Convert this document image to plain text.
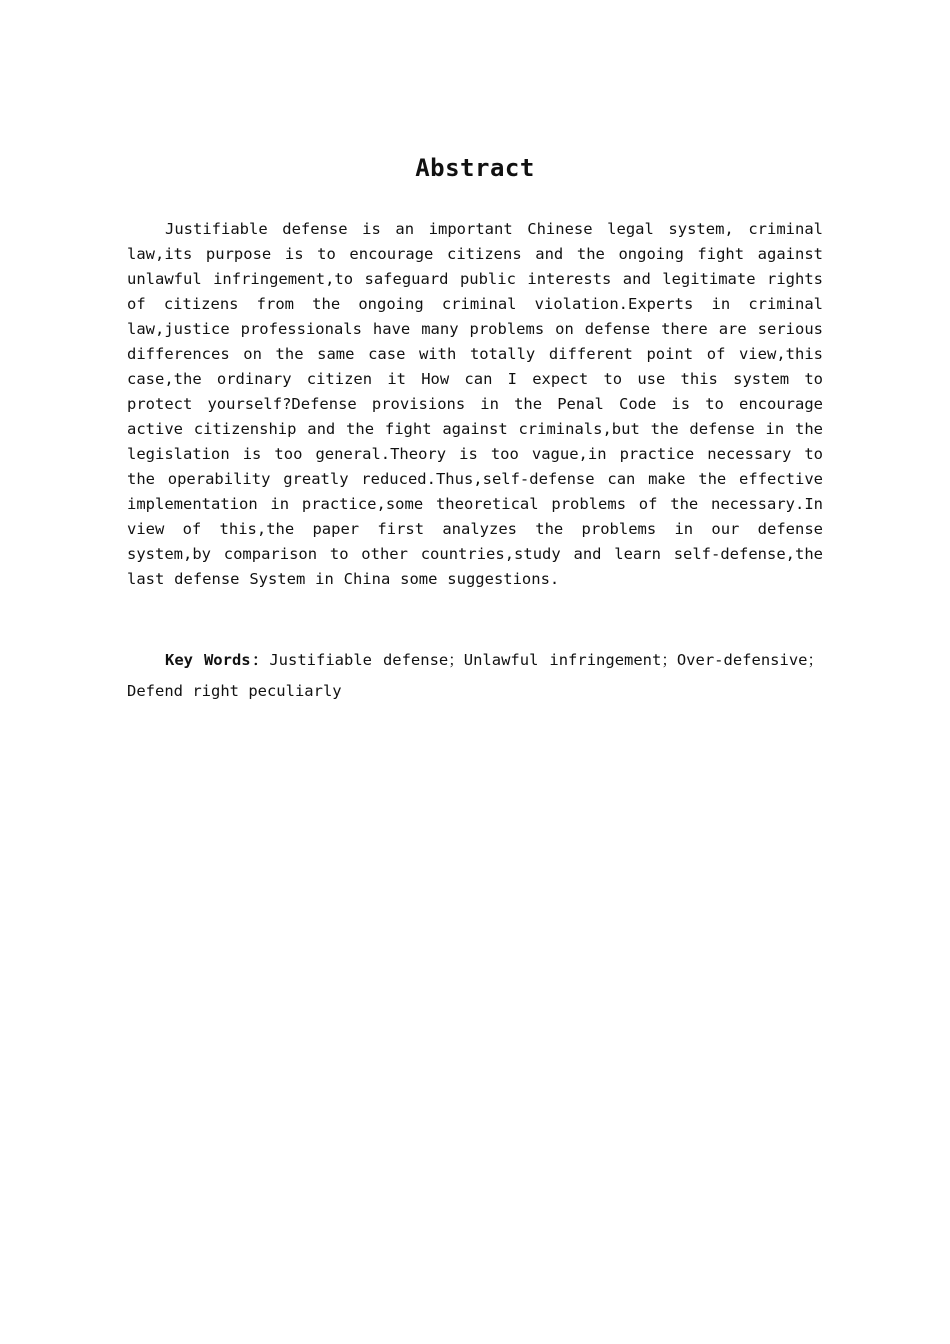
Abstract

Justifiable defense is an important Chinese legal system, criminal law,its purpose is to encourage citizens and the ongoing fight against unlawful infringement,to safeguard public interests and legitimate rights of citizens from the ongoing criminal violation.Experts in criminal law,justice professionals have many problems on defense there are serious differences on the same case with totally different point of view,this case,the ordinary citizen it How can I expect to use this system to protect yourself?Defense provisions in the Penal Code is to encourage active citizenship and the fight against criminals,but the defense in the legislation is too general.Theory is too vague,in practice necessary to the operability greatly reduced.Thus,self-defense can make the effective implementation in practice,some theoretical problems of the necessary.In view of this,the paper first analyzes the problems in our defense system,by comparison to other countries,study and learn self-defense,the last defense System in China some suggestions.

Key Words：Justifiable defense；Unlawful infringement；Over-defensive；Defend right peculiarly
